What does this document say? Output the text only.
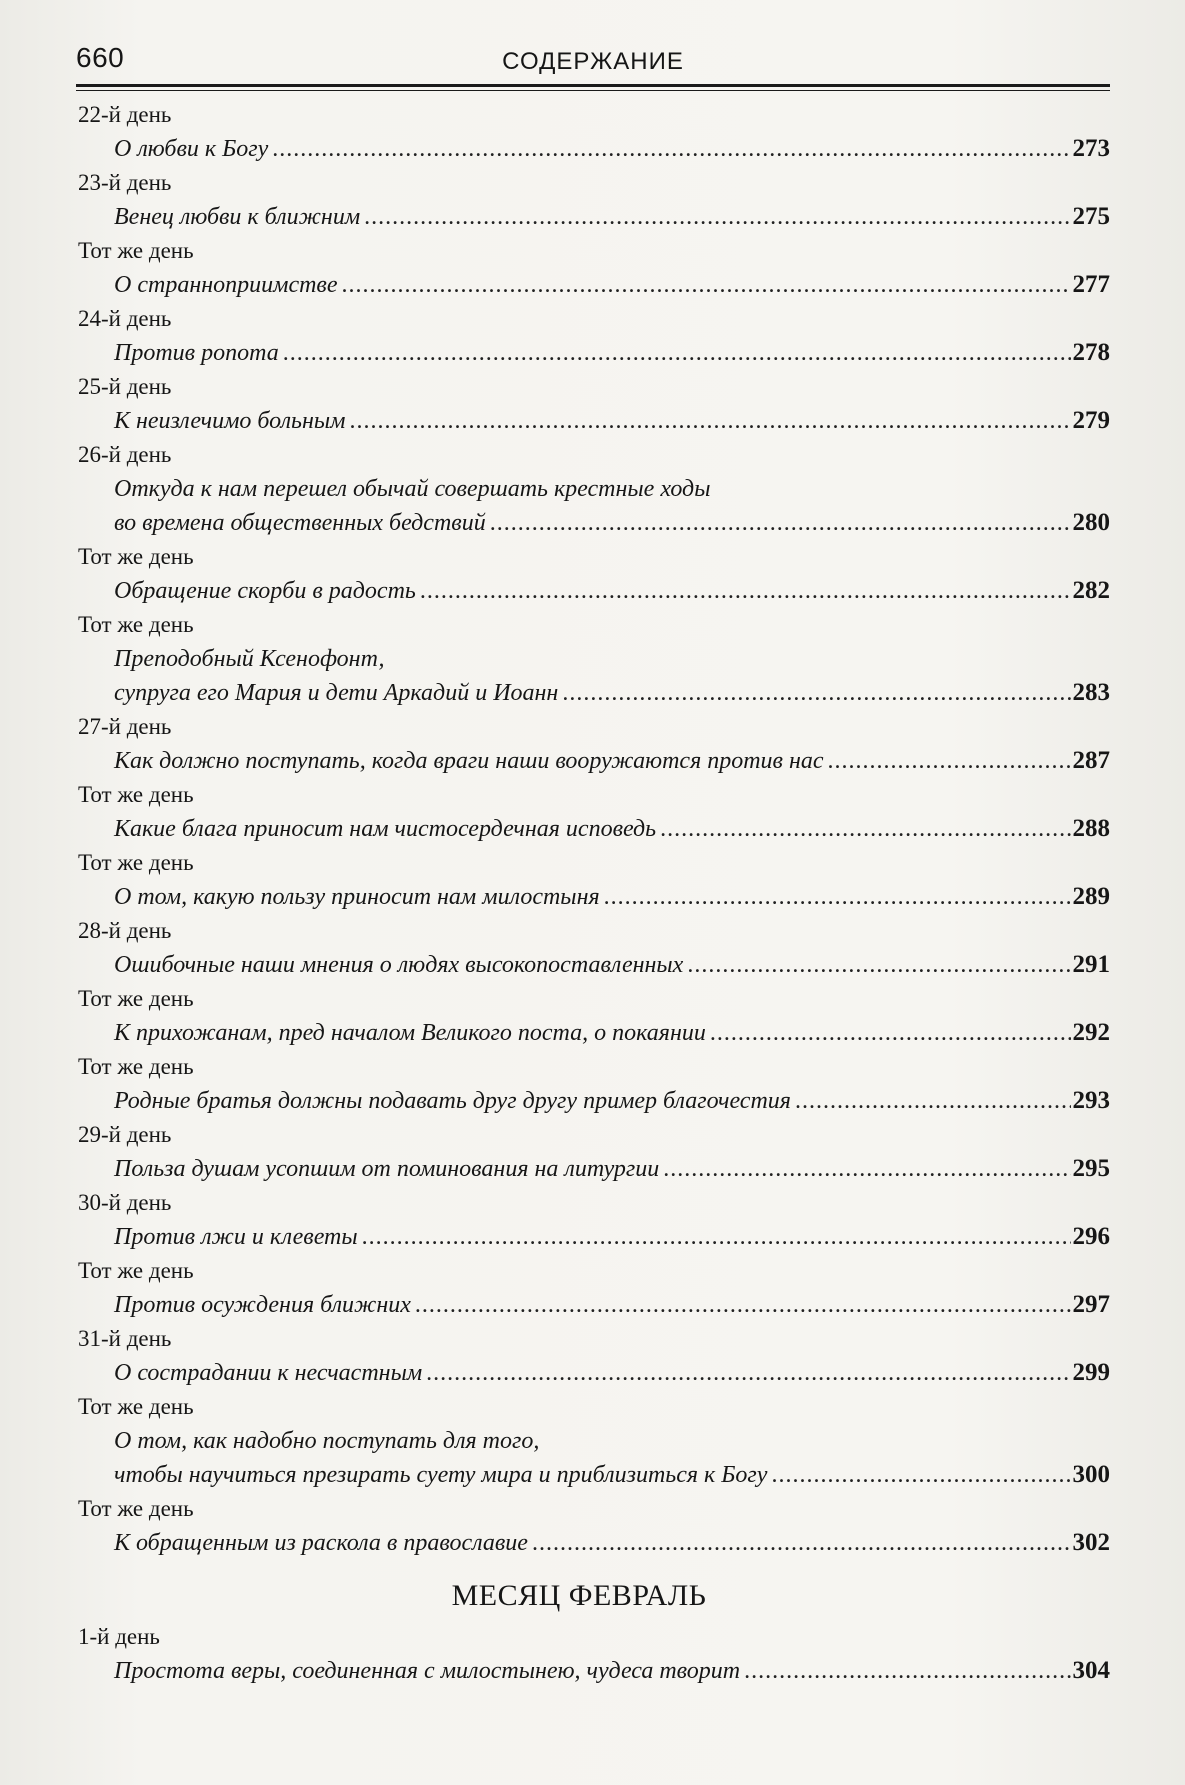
660	СОДЕРЖАНИЕ
22-й день
О любви к Богу .....	273
23-й день
Венец любви к ближним .....	275
Тот же день
О странноприимстве .....	277
24-й день
Против ропота .....	278
25-й день
К неизлечимо больным .....	279
26-й день
Откуда к нам перешел обычай совершать крестные ходы
во времена общественных бедствий .....	280
Тот же день
Обращение скорби в радость .....	282
Тот же день
Преподобный Ксенофонт,
супруга его Мария и дети Аркадий и Иоанн .....	283
27-й день
Как должно поступать, когда враги наши вооружаются против нас .....	287
Тот же день
Какие блага приносит нам чистосердечная исповедь .....	288
Тот же день
О том, какую пользу приносит нам милостыня .....	289
28-й день
Ошибочные наши мнения о людях высокопоставленных .....	291
Тот же день
К прихожанам, пред началом Великого поста, о покаянии .....	292
Тот же день
Родные братья должны подавать друг другу пример благочестия .....	293
29-й день
Польза душам усопшим от поминования на литургии .....	295
30-й день
Против лжи и клеветы .....	296
Тот же день
Против осуждения ближних .....	297
31-й день
О сострадании к несчастным .....	299
Тот же день
О том, как надобно поступать для того,
чтобы научиться презирать суету мира и приблизиться к Богу .....	300
Тот же день
К обращенным из раскола в православие .....	302
МЕСЯЦ ФЕВРАЛЬ
1-й день
Простота веры, соединенная с милостынею, чудеса творит .....	304
